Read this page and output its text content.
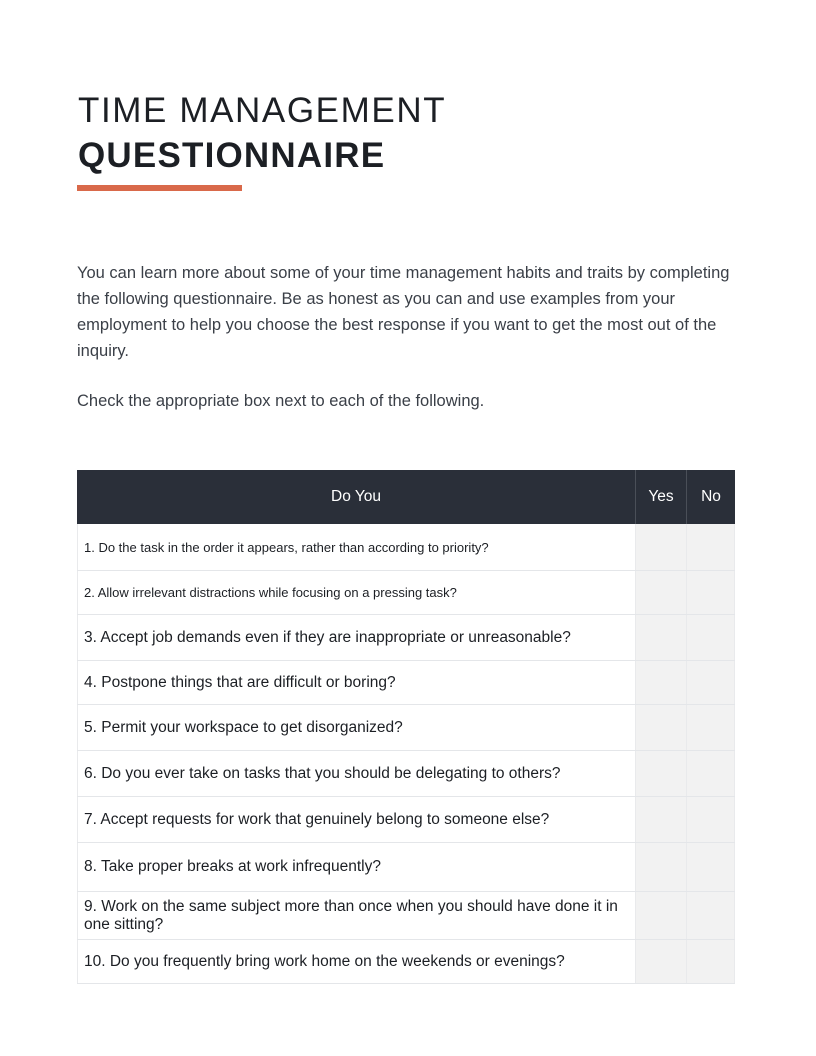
TIME MANAGEMENT
QUESTIONNAIRE

You can learn more about some of your time management habits and traits by completing the following questionnaire. Be as honest as you can and use examples from your employment to help you choose the best response if you want to get the most out of the inquiry.

Check the appropriate box next to each of the following.

Do You	Yes	No
1. Do the task in the order it appears, rather than according to priority?
2. Allow irrelevant distractions while focusing on a pressing task?
3. Accept job demands even if they are inappropriate or unreasonable?
4. Postpone things that are difficult or boring?
5. Permit your workspace to get disorganized?
6. Do you ever take on tasks that you should be delegating to others?
7. Accept requests for work that genuinely belong to someone else?
8. Take proper breaks at work infrequently?
9. Work on the same subject more than once when you should have done it in one sitting?
10. Do you frequently bring work home on the weekends or evenings?
